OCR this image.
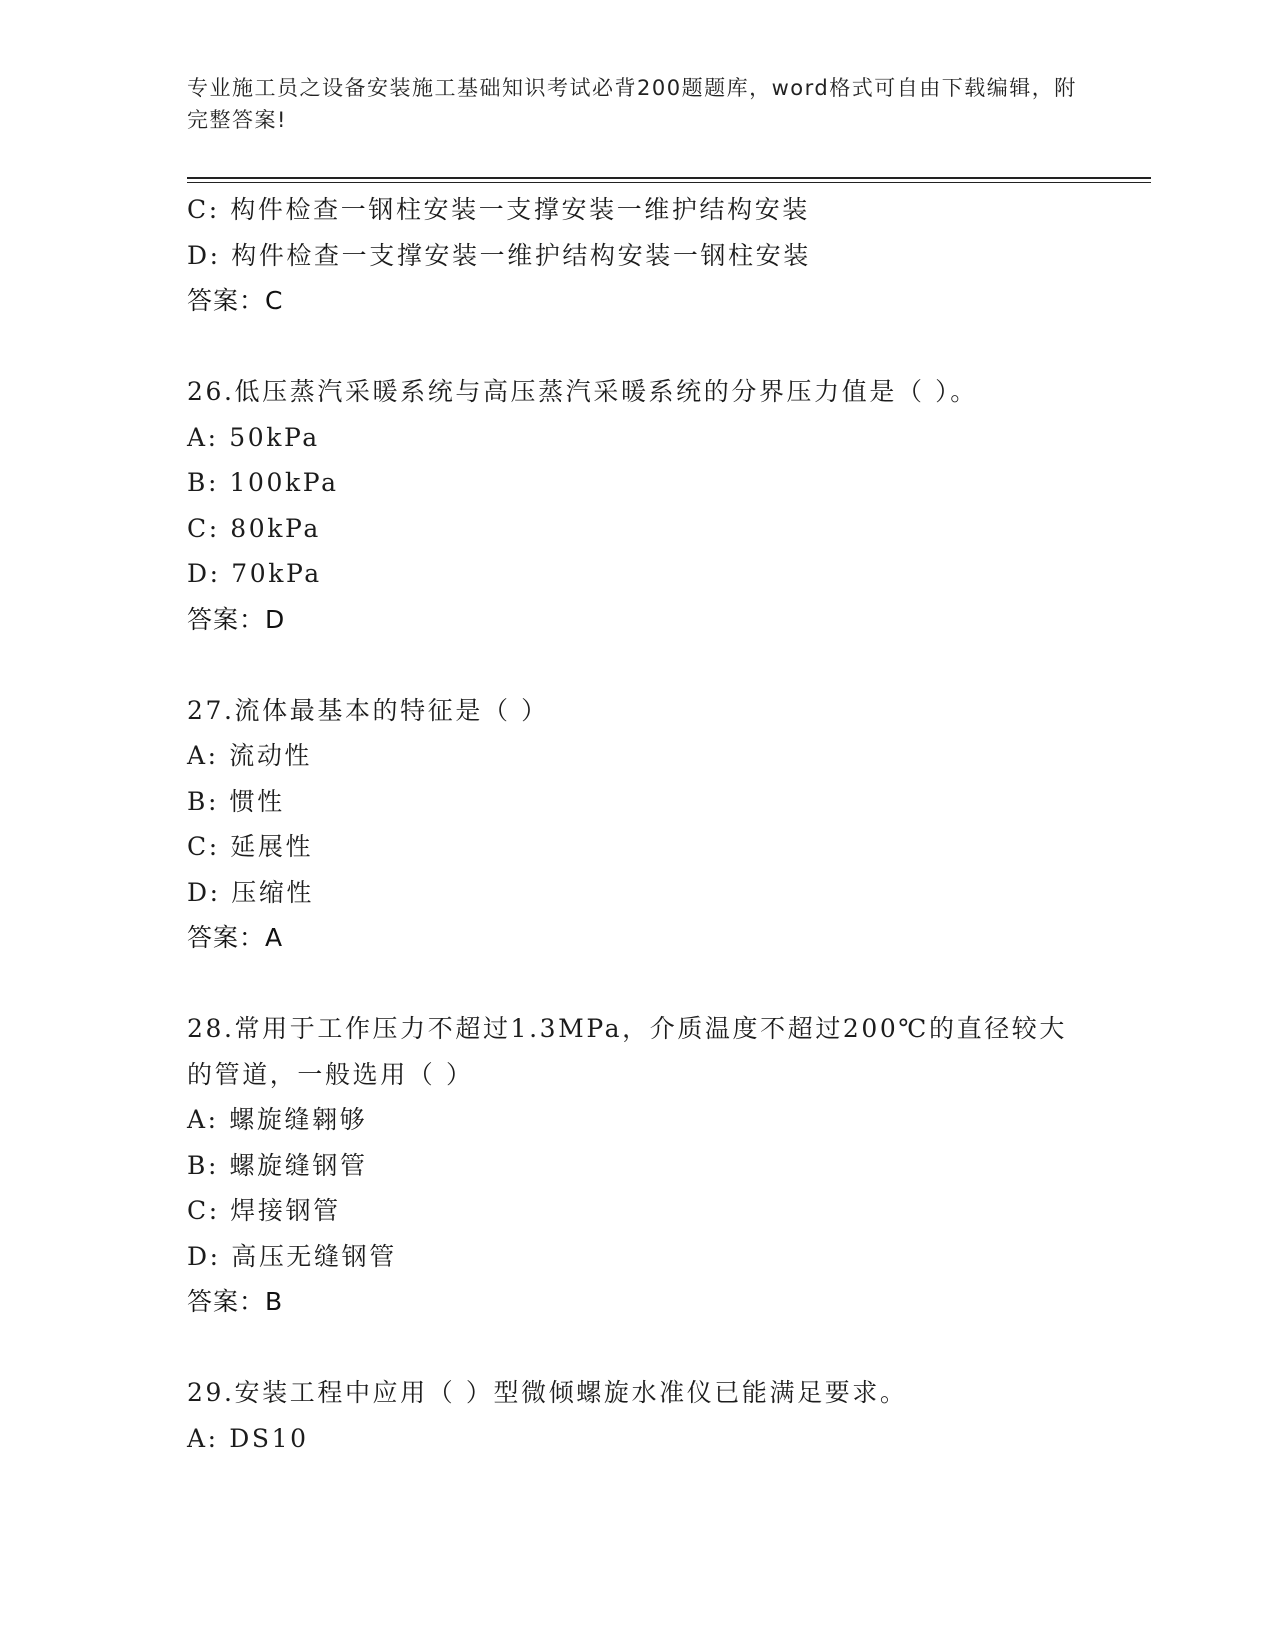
专业施工员之设备安装施工基础知识考试必背200题题库，word格式可自由下载编辑，附完整答案!
C: 构件检查一钢柱安装一支撑安装一维护结构安装
D: 构件检查一支撑安装一维护结构安装一钢柱安装
答案：C
26.低压蒸汽采暖系统与高压蒸汽采暖系统的分界压力值是（ ）。
A: 50kPa
B: 100kPa
C: 80kPa
D: 70kPa
答案：D
27.流体最基本的特征是（ ）
A: 流动性
B: 惯性
C: 延展性
D: 压缩性
答案：A
28.常用于工作压力不超过1.3MPa，介质温度不超过200℃的直径较大
的管道，一般选用（ ）
A: 螺旋缝翱够
B: 螺旋缝钢管
C: 焊接钢管
D: 高压无缝钢管
答案：B
29.安装工程中应用（ ）型微倾螺旋水准仪已能满足要求。
A: DS10
